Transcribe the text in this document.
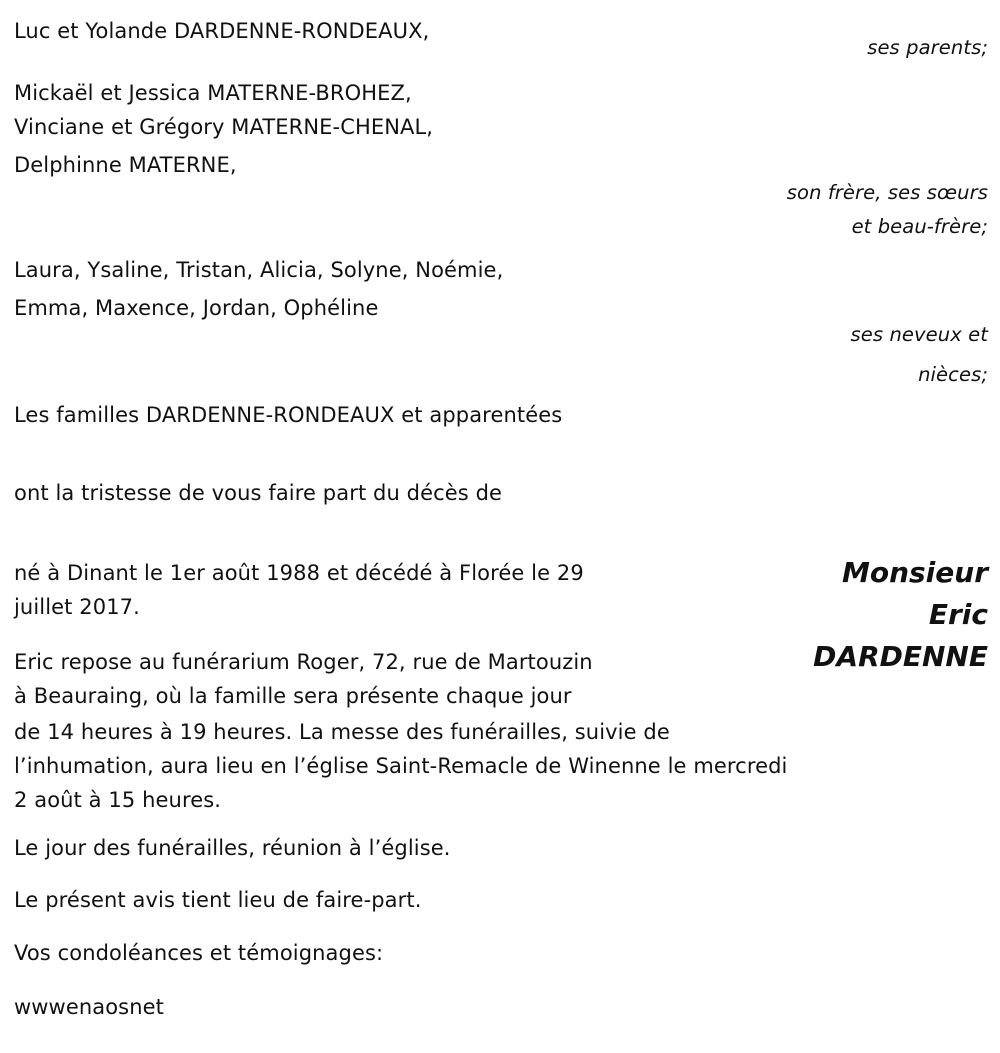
Luc et Yolande DARDENNE-RONDEAUX,
ses parents;
Mickaël et Jessica MATERNE-BROHEZ,
Vinciane et Grégory MATERNE-CHENAL,
Delphinne MATERNE,
son frère, ses sœurs
et beau-frère;
Laura, Ysaline, Tristan, Alicia, Solyne, Noémie,
Emma, Maxence, Jordan, Ophéline
ses neveux et
nièces;
Les familles DARDENNE-RONDEAUX et apparentées
ont la tristesse de vous faire part du décès de
Monsieur
Eric
DARDENNE
né à Dinant le 1er août 1988 et décédé à Florée le 29
juillet 2017.
Eric repose au funérarium Roger, 72, rue de Martouzin
à Beauraing, où la famille sera présente chaque jour
de 14 heures à 19 heures. La messe des funérailles, suivie de
l’inhumation, aura lieu en l’église Saint-Remacle de Winenne le mercredi
2 août à 15 heures.
Le jour des funérailles, réunion à l’église.
Le présent avis tient lieu de faire-part.
Vos condoléances et témoignages:
wwwenaosnet
